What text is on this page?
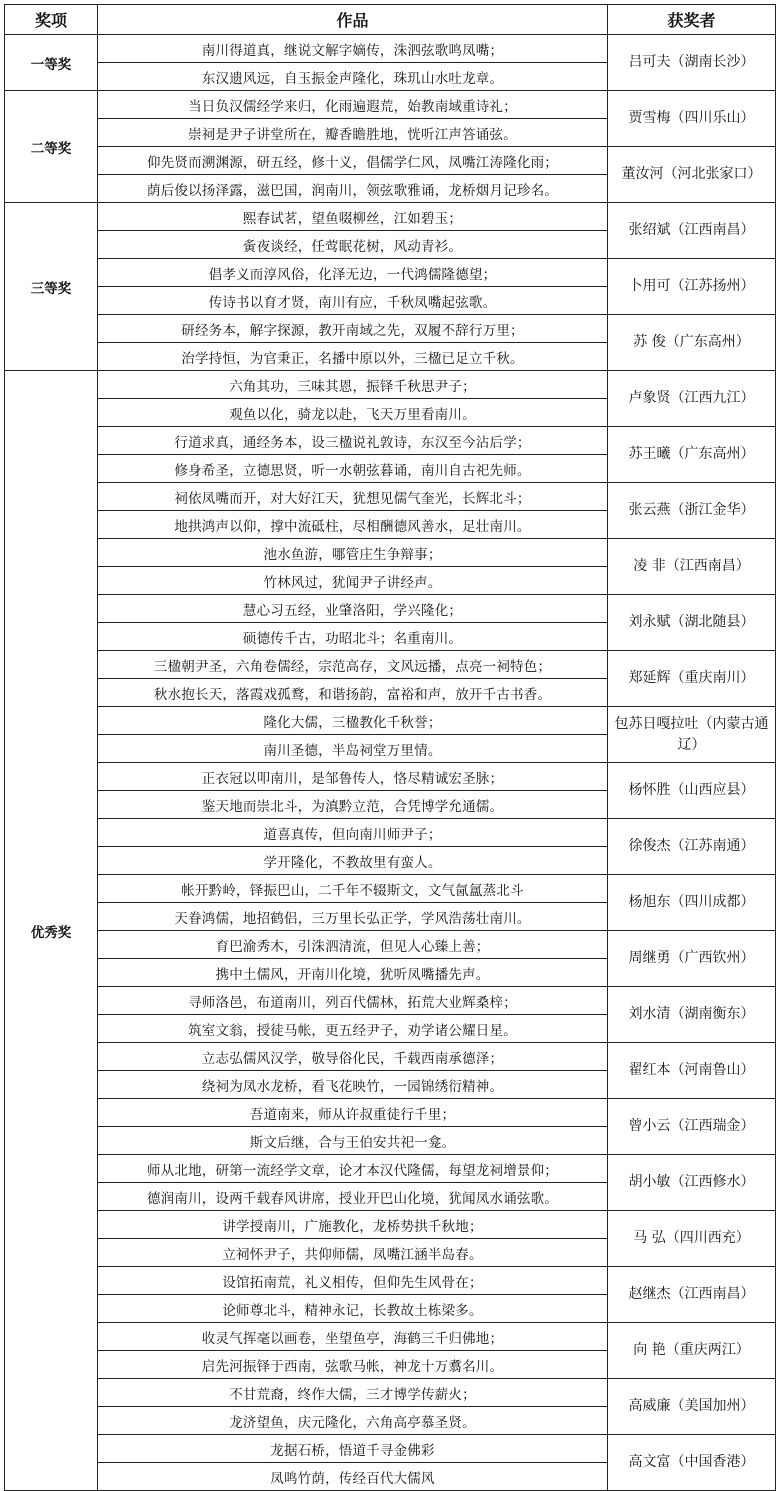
奖项	作品	获奖者
一等奖	南川得道真，继说文解字嫡传，洙泗弦歌鸣凤嘴；	吕可夫（湖南长沙）
	东汉遗风远，自玉振金声隆化，珠玑山水吐龙章。	
二等奖	当日负汉儒经学来归，化雨遍遐荒，始教南域重诗礼；	贾雪梅（四川乐山）
	崇祠是尹子讲堂所在，瓣香瞻胜地，恍听江声答诵弦。	
	仰先贤而溯渊源，研五经，修十义，倡儒学仁风，凤嘴江涛隆化雨；	董汝河（河北张家口）
	荫后俊以扬泽露，滋巴国，润南川，领弦歌雅诵，龙桥烟月记珍名。	
三等奖	熙春试茗，望鱼啜柳丝，江如碧玉；	张绍斌（江西南昌）
	夤夜谈经，任莺眠花树，风动青衫。	
	倡孝义而淳风俗，化泽无边，一代鸿儒隆德望；	卜用可（江苏扬州）
	传诗书以育才贤，南川有应，千秋凤嘴起弦歌。	
	研经务本，解字探源，教开南域之先，双履不辞行万里；	苏 俊（广东高州）
	治学持恒，为官秉正，名播中原以外，三楹已足立千秋。	
优秀奖	六角其功，三味其恩，振铎千秋思尹子；	卢象贤（江西九江）
	观鱼以化，骑龙以赴，飞天万里看南川。	
	行道求真，通经务本，设三楹说礼敦诗，东汉至今沾后学；	苏王曦（广东高州）
	修身希圣，立德思贤，听一水朝弦暮诵，南川自古祀先师。	
	祠依凤嘴而开，对大好江天，犹想见儒气奎光，长辉北斗；	张云燕（浙江金华）
	地拱鸿声以仰，撑中流砥柱，尽相酬德风善水，足壮南川。	
	池水鱼游，哪管庄生争辩事；	凌 非（江西南昌）
	竹林风过，犹闻尹子讲经声。	
	慧心习五经，业肇洛阳，学兴隆化；	刘永赋（湖北随县）
	硕德传千古，功昭北斗；名重南川。	
	三楹朝尹圣，六角卷儒经，宗范高存，文风远播，点亮一祠特色；	郑延辉（重庆南川）
	秋水抱长天，落霞戏孤鹜，和谐扬韵，富裕和声，放开千古书香。	
	隆化大儒，三楹教化千秋誉；	包苏日嘎拉吐（内蒙古通辽）
	南川圣德，半岛祠堂万里情。	
	正衣冠以叩南川，是邹鲁传人，恪尽精诚宏圣脉；	杨怀胜（山西应县）
	鉴天地而崇北斗，为滇黔立范，合凭博学允通儒。	
	道喜真传，但向南川师尹子；	徐俊杰（江苏南通）
	学开隆化，不教故里有蛮人。	
	帐开黔岭，铎振巴山，二千年不辍斯文，文气氤氲蒸北斗	杨旭东（四川成都）
	天眷鸿儒，地招鹤侣，三万里长弘正学，学风浩荡壮南川。	
	育巴渝秀木，引洙泗清流，但见人心臻上善；	周继勇（广西钦州）
	携中土儒风，开南川化境，犹听凤嘴播先声。	
	寻师洛邑，布道南川，列百代儒林，拓荒大业辉桑梓；	刘水清（湖南衡东）
	筑室文翁，授徒马帐，更五经尹子，劝学诸公耀日星。	
	立志弘儒风汉学，敬导俗化民，千载西南承德泽；	翟红本（河南鲁山）
	绕祠为凤水龙桥，看飞花映竹，一园锦绣衍精神。	
	吾道南来，师从许叔重徒行千里；	曾小云（江西瑞金）
	斯文后继，合与王伯安共祀一龛。	
	师从北地，研第一流经学文章，论才本汉代隆儒，每望龙祠增景仰；	胡小敏（江西修水）
	德润南川，设两千载春风讲席，授业开巴山化境，犹闻凤水诵弦歌。	
	讲学授南川，广施教化，龙桥势拱千秋地；	马 弘（四川西充）
	立祠怀尹子，共仰师儒，凤嘴江涵半岛春。	
	设馆拓南荒，礼义相传，但仰先生风骨在；	赵继杰（江西南昌）
	论师尊北斗，精神永记，长教故土栋梁多。	
	收灵气挥毫以画卷，坐望鱼亭，海鹤三千归佛地；	向 艳（重庆两江）
	启先河振铎于西南，弦歌马帐，神龙十万翥名川。	
	不甘荒裔，终作大儒，三才博学传薪火；	高威廉（美国加州）
	龙济望鱼，庆元隆化，六角高亭慕圣贤。	
	龙据石桥，悟道千寻金佛彩	高文富（中国香港）
	凤鸣竹荫，传经百代大儒风	
